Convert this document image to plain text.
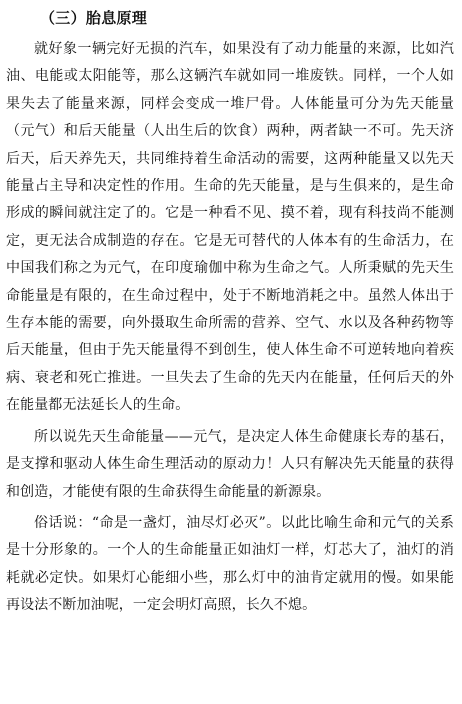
（三）胎息原理

就好象一辆完好无损的汽车，如果没有了动力能量的来源，比如汽油、电能或太阳能等，那么这辆汽车就如同一堆废铁。同样，一个人如果失去了能量来源，同样会变成一堆尸骨。人体能量可分为先天能量（元气）和后天能量（人出生后的饮食）两种，两者缺一不可。先天济后天，后天养先天，共同维持着生命活动的需要，这两种能量又以先天能量占主导和决定性的作用。生命的先天能量，是与生俱来的，是生命形成的瞬间就注定了的。它是一种看不见、摸不着，现有科技尚不能测定，更无法合成制造的存在。它是无可替代的人体本有的生命活力，在中国我们称之为元气，在印度瑜伽中称为生命之气。人所秉赋的先天生命能量是有限的，在生命过程中，处于不断地消耗之中。虽然人体出于生存本能的需要，向外摄取生命所需的营养、空气、水以及各种药物等后天能量，但由于先天能量得不到创生，使人体生命不可逆转地向着疾病、衰老和死亡推进。一旦失去了生命的先天内在能量，任何后天的外在能量都无法延长人的生命。

所以说先天生命能量——元气，是决定人体生命健康长寿的基石，是支撑和驱动人体生命生理活动的原动力！人只有解决先天能量的获得和创造，才能使有限的生命获得生命能量的新源泉。

俗话说：“命是一盏灯，油尽灯必灭”。以此比喻生命和元气的关系是十分形象的。一个人的生命能量正如油灯一样，灯芯大了，油灯的消耗就必定快。如果灯心能细小些，那么灯中的油肯定就用的慢。如果能再设法不断加油呢，一定会明灯高照，长久不熄。
